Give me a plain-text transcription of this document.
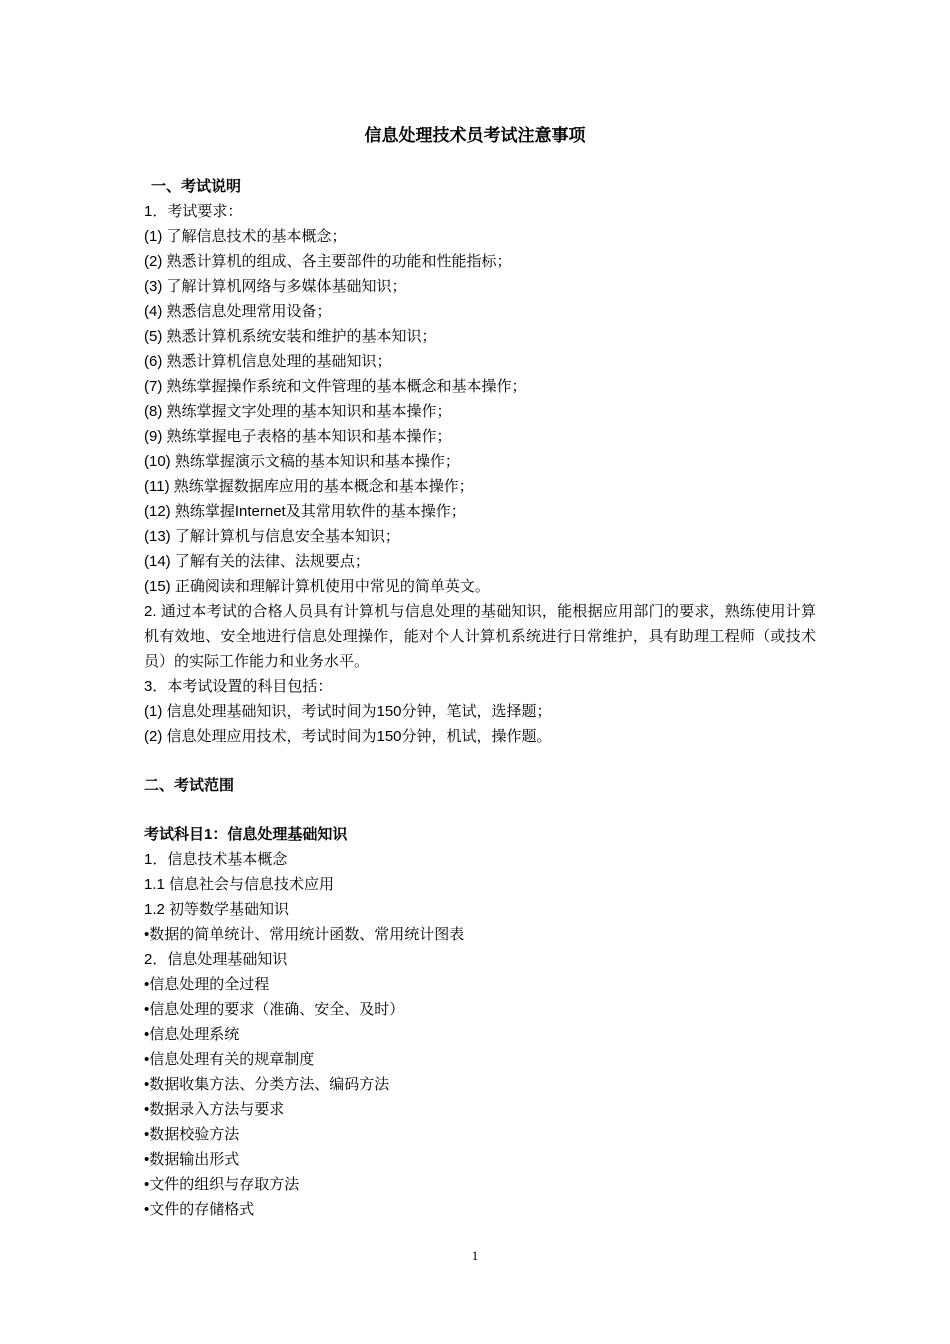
信息处理技术员考试注意事项
一、考试说明
1．考试要求：
(1) 了解信息技术的基本概念；
(2) 熟悉计算机的组成、各主要部件的功能和性能指标；
(3) 了解计算机网络与多媒体基础知识；
(4) 熟悉信息处理常用设备；
(5) 熟悉计算机系统安装和维护的基本知识；
(6) 熟悉计算机信息处理的基础知识；
(7) 熟练掌握操作系统和文件管理的基本概念和基本操作；
(8) 熟练掌握文字处理的基本知识和基本操作；
(9) 熟练掌握电子表格的基本知识和基本操作；
(10) 熟练掌握演示文稿的基本知识和基本操作；
(11) 熟练掌握数据库应用的基本概念和基本操作；
(12) 熟练掌握Internet及其常用软件的基本操作；
(13) 了解计算机与信息安全基本知识；
(14) 了解有关的法律、法规要点；
(15) 正确阅读和理解计算机使用中常见的简单英文。
2. 通过本考试的合格人员具有计算机与信息处理的基础知识，能根据应用部门的要求，熟练使用计算机有效地、安全地进行信息处理操作，能对个人计算机系统进行日常维护，具有助理工程师（或技术员）的实际工作能力和业务水平。
3．本考试设置的科目包括：
(1) 信息处理基础知识，考试时间为150分钟，笔试，选择题；
(2) 信息处理应用技术，考试时间为150分钟，机试，操作题。
二、考试范围
考试科目1：信息处理基础知识
1．信息技术基本概念
1.1 信息社会与信息技术应用
1.2 初等数学基础知识
•数据的简单统计、常用统计函数、常用统计图表
2．信息处理基础知识
•信息处理的全过程
•信息处理的要求（准确、安全、及时）
•信息处理系统
•信息处理有关的规章制度
•数据收集方法、分类方法、编码方法
•数据录入方法与要求
•数据校验方法
•数据输出形式
•文件的组织与存取方法
•文件的存储格式
1
